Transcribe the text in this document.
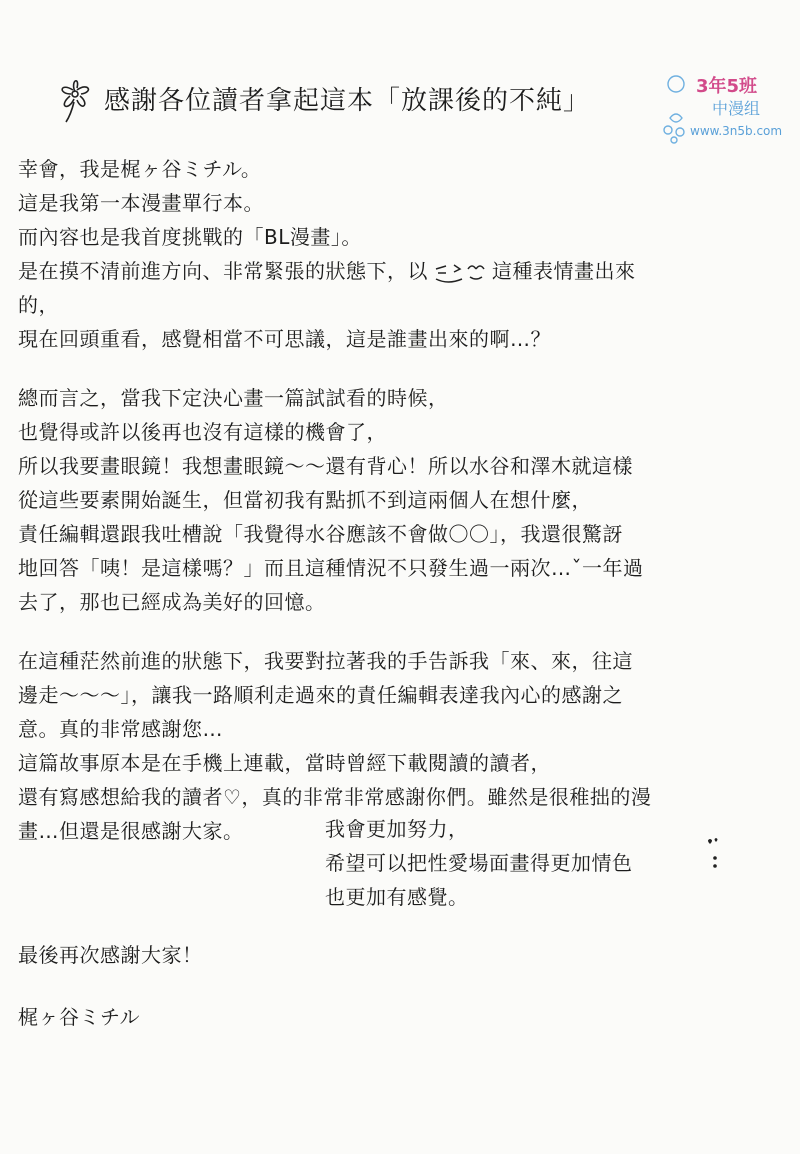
感謝各位讀者拿起這本「放課後的不純」	3年5班
中漫组
www.3n5b.com
幸會，我是梶ヶ谷ミチル。
這是我第一本漫畫單行本。
而內容也是我首度挑戰的「BL漫畫」。
是在摸不清前進方向、非常緊張的狀態下，以	這種表情畫出來
的，
現在回頭重看，感覺相當不可思議，這是誰畫出來的啊…？
總而言之，當我下定決心畫一篇試試看的時候，
也覺得或許以後再也沒有這樣的機會了，
所以我要畫眼鏡！我想畫眼鏡～～還有背心！所以水谷和澤木就這樣
從這些要素開始誕生，但當初我有點抓不到這兩個人在想什麼，
責任編輯還跟我吐槽說「我覺得水谷應該不會做〇〇」，我還很驚訝
地回答「咦！是這樣嗎？」而且這種情況不只發生過一兩次…ˇ一年過
去了，那也已經成為美好的回憶。
在這種茫然前進的狀態下，我要對拉著我的手告訴我「來、來，往這
邊走～～～」，讓我一路順利走過來的責任編輯表達我內心的感謝之
意。真的非常感謝您…
這篇故事原本是在手機上連載，當時曾經下載閱讀的讀者，
還有寫感想給我的讀者♡，真的非常非常感謝你們。雖然是很稚拙的漫
畫…但還是很感謝大家。	我會更加努力，
希望可以把性愛場面畫得更加情色
也更加有感覺。
最後再次感謝大家！
梶ヶ谷ミチル
